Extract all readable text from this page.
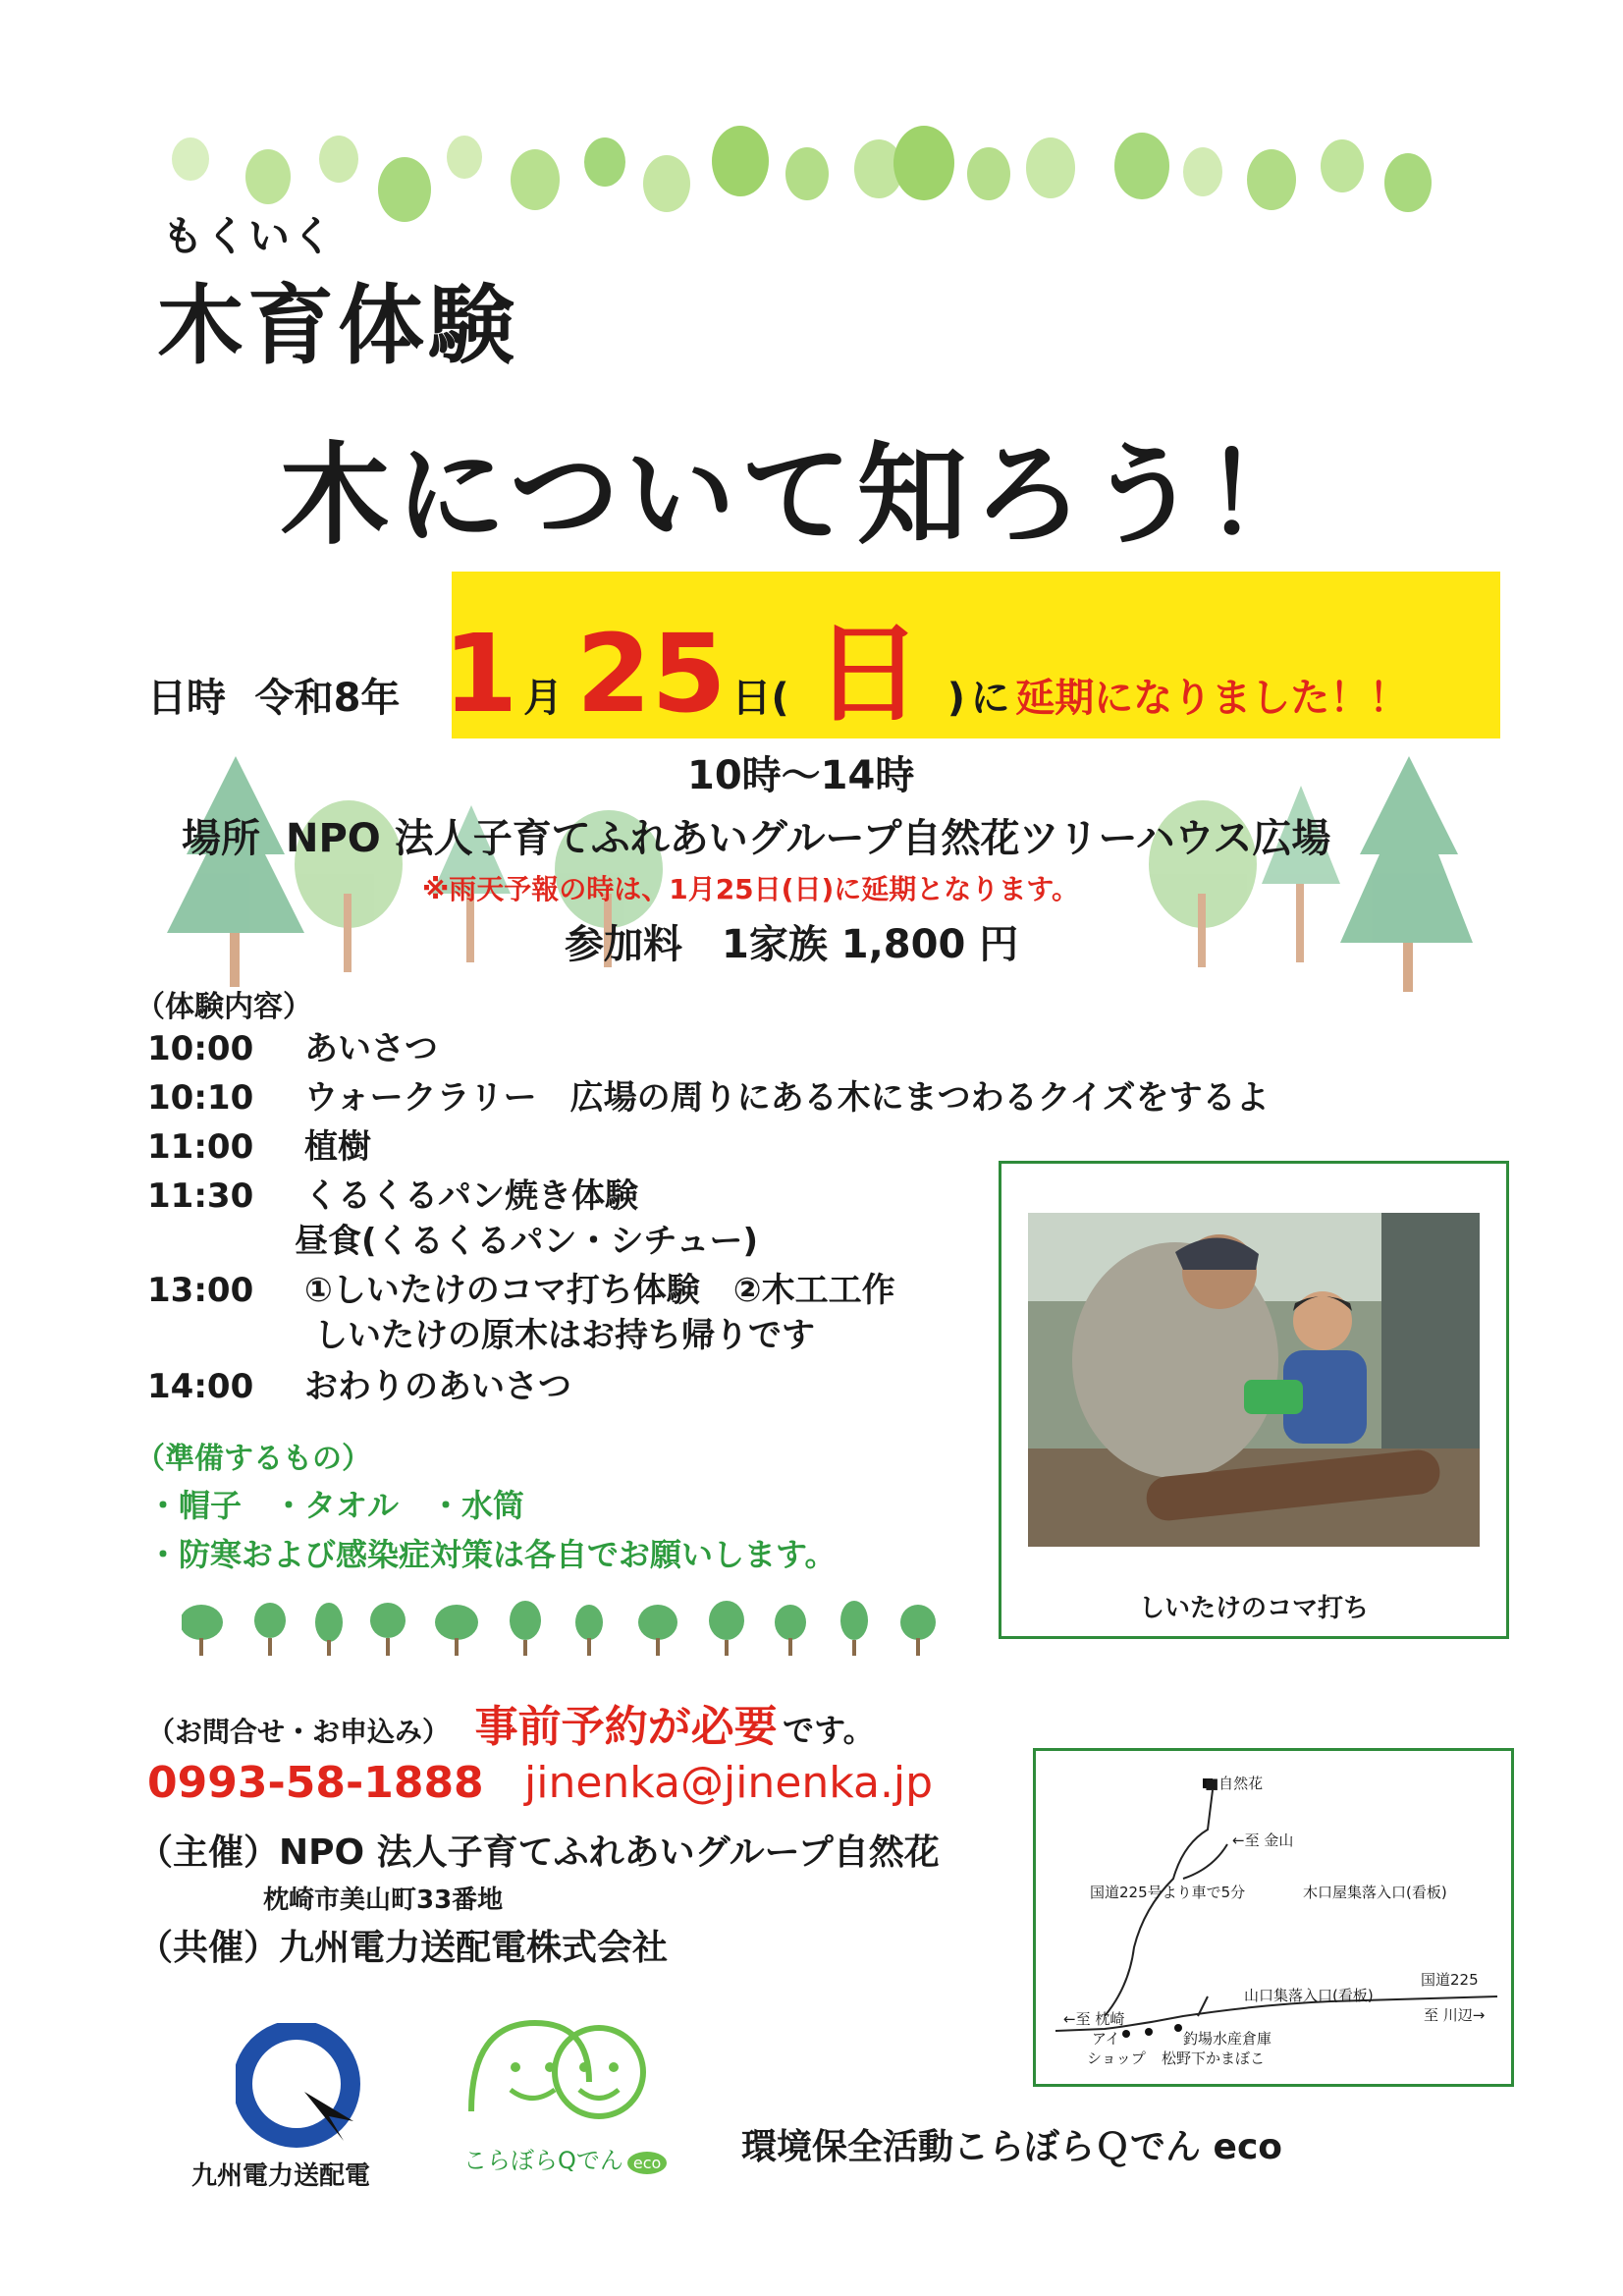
もくいく
木育体験
木について知ろう！
日時 令和8年 1 月 25 日( 日 ) に 延期になりました！！
10時～14時
場所 NPO 法人子育てふれあいグループ自然花ツリーハウス広場
※雨天予報の時は、1月25日(日)に延期となります。
参加料　1家族 1,800 円
（体験内容）
10:00 あいさつ
10:10 ウォークラリー　広場の周りにある木にまつわるクイズをするよ
11:00 植樹
11:30 くるくるパン焼き体験
昼食(くるくるパン・シチュー)
13:00 ①しいたけのコマ打ち体験　②木工工作
しいたけの原木はお持ち帰りです
14:00 おわりのあいさつ
（準備するもの）
・帽子　・タオル　・水筒
・防寒および感染症対策は各自でお願いします。
しいたけのコマ打ち
（お問合せ・お申込み） 事前予約が必要 です。
0993-58-1888 jinenka@jinenka.jp
（主催）NPO 法人子育てふれあいグループ自然花
枕崎市美山町33番地
（共催）九州電力送配電株式会社
■自然花
←至 金山
国道225号より車で5分	木口屋集落入口(看板)
国道225
山口集落入口(看板)
至 川辺→
←至 枕崎
アイ
ショップ
釣場水産倉庫
松野下かまぼこ
九州電力送配電
こらぼらQでん eco 環境保全活動こらぼらＱでん eco
